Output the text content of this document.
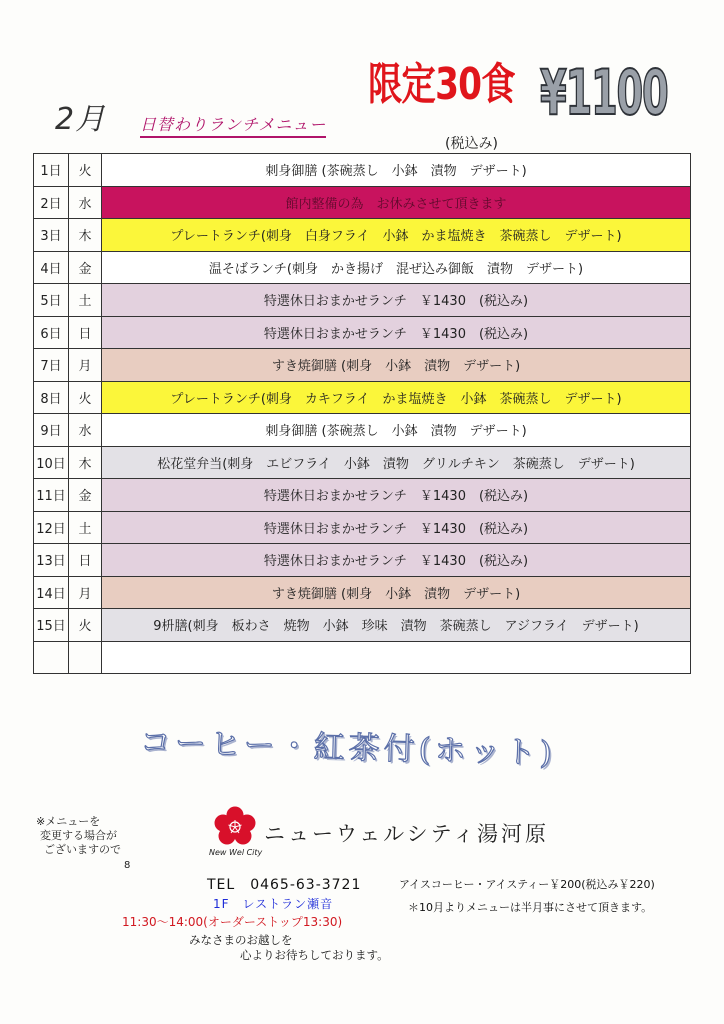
2月 日替わりランチメニュー
限定30食 ¥1100
(税込み)
1日	火	刺身御膳 (茶碗蒸し　小鉢　漬物　デザート)
2日	水	館内整備の為　お休みさせて頂きます
3日	木	プレートランチ(刺身　白身フライ　小鉢　かま塩焼き　茶碗蒸し　デザート)
4日	金	温そばランチ(刺身　かき揚げ　混ぜ込み御飯　漬物　デザート)
5日	土	特選休日おまかせランチ　￥1430　(税込み)
6日	日	特選休日おまかせランチ　￥1430　(税込み)
7日	月	すき焼御膳 (刺身　小鉢　漬物　デザート)
8日	火	プレートランチ(刺身　カキフライ　かま塩焼き　小鉢　茶碗蒸し　デザート)
9日	水	刺身御膳 (茶碗蒸し　小鉢　漬物　デザート)
10日	木	松花堂弁当(刺身　エビフライ　小鉢　漬物　グリルチキン　茶碗蒸し　デザート)
11日	金	特選休日おまかせランチ　￥1430　(税込み)
12日	土	特選休日おまかせランチ　￥1430　(税込み)
13日	日	特選休日おまかせランチ　￥1430　(税込み)
14日	月	すき焼御膳 (刺身　小鉢　漬物　デザート)
15日	火	9枡膳(刺身　板わさ　焼物　小鉢　珍味　漬物　茶碗蒸し　アジフライ　デザート)

コーヒー・紅茶付(ホット)
※メニューを
変更する場合が
ございますので
8
New Wel City
ニューウェルシティ湯河原
TEL　0465-63-3721
1F　レストラン瀬音
11:30～14:00(オーダーストップ13:30)
みなさまのお越しを
心よりお待ちしております。
アイスコーヒー・アイスティー￥200(税込み￥220)
＊10月よりメニューは半月事にさせて頂きます。
